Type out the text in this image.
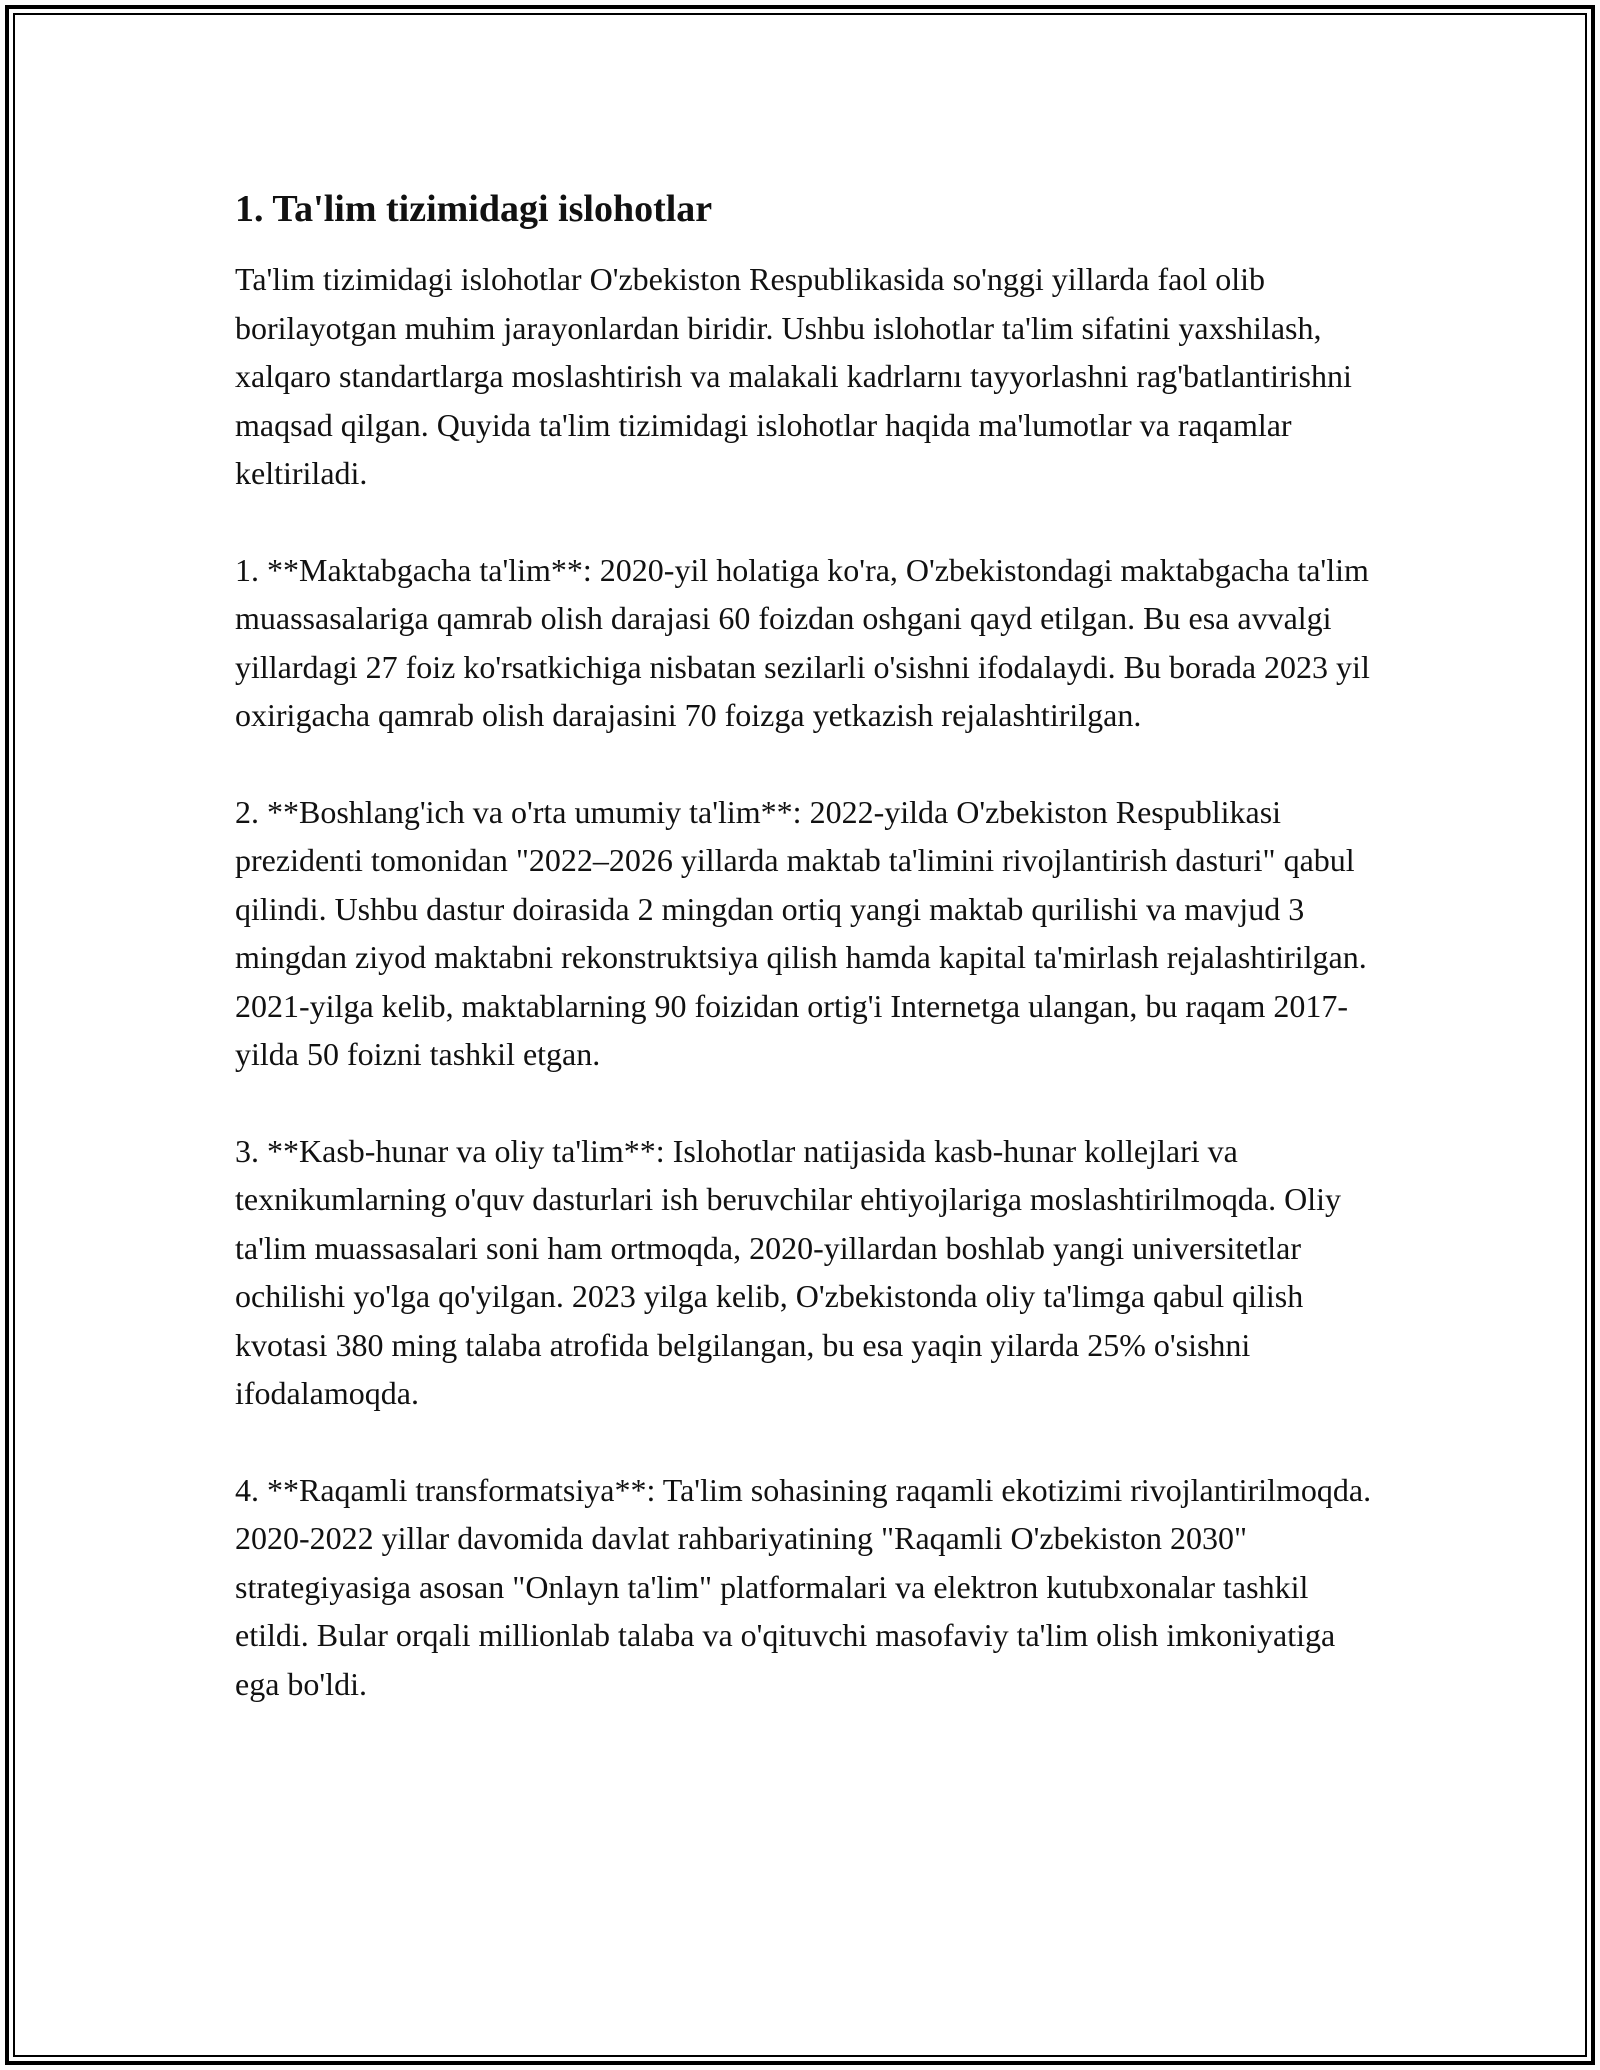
1. Ta'lim tizimidagi islohotlar

Ta'lim tizimidagi islohotlar O'zbekiston Respublikasida so'nggi yillarda faol olib borilayotgan muhim jarayonlardan biridir. Ushbu islohotlar ta'lim sifatini yaxshilash, xalqaro standartlarga moslashtirish va malakali kadrlarnı tayyorlashni rag'batlantirishni maqsad qilgan. Quyida ta'lim tizimidagi islohotlar haqida ma'lumotlar va raqamlar keltiriladi.

1. **Maktabgacha ta'lim**: 2020-yil holatiga ko'ra, O'zbekistondagi maktabgacha ta'lim muassasalariga qamrab olish darajasi 60 foizdan oshgani qayd etilgan. Bu esa avvalgi yillardagi 27 foiz ko'rsatkichiga nisbatan sezilarli o'sishni ifodalaydi. Bu borada 2023 yil oxirigacha qamrab olish darajasini 70 foizga yetkazish rejalashtirilgan.

2. **Boshlang'ich va o'rta umumiy ta'lim**: 2022-yilda O'zbekiston Respublikasi prezidenti tomonidan "2022–2026 yillarda maktab ta'limini rivojlantirish dasturi" qabul qilindi. Ushbu dastur doirasida 2 mingdan ortiq yangi maktab qurilishi va mavjud 3 mingdan ziyod maktabni rekonstruktsiya qilish hamda kapital ta'mirlash rejalashtirilgan. 2021-yilga kelib, maktablarning 90 foizidan ortig'i Internetga ulangan, bu raqam 2017-yilda 50 foizni tashkil etgan.

3. **Kasb-hunar va oliy ta'lim**: Islohotlar natijasida kasb-hunar kollejlari va texnikumlarning o'quv dasturlari ish beruvchilar ehtiyojlariga moslashtirilmoqda. Oliy ta'lim muassasalari soni ham ortmoqda, 2020-yillardan boshlab yangi universitetlar ochilishi yo'lga qo'yilgan. 2023 yilga kelib, O'zbekistonda oliy ta'limga qabul qilish kvotasi 380 ming talaba atrofida belgilangan, bu esa yaqin yilarda 25% o'sishni ifodalamoqda.

4. **Raqamli transformatsiya**: Ta'lim sohasining raqamli ekotizimi rivojlantirilmoqda. 2020-2022 yillar davomida davlat rahbariyatining "Raqamli O'zbekiston 2030" strategiyasiga asosan "Onlayn ta'lim" platformalari va elektron kutubxonalar tashkil etildi. Bular orqali millionlab talaba va o'qituvchi masofaviy ta'lim olish imkoniyatiga ega bo'ldi.
